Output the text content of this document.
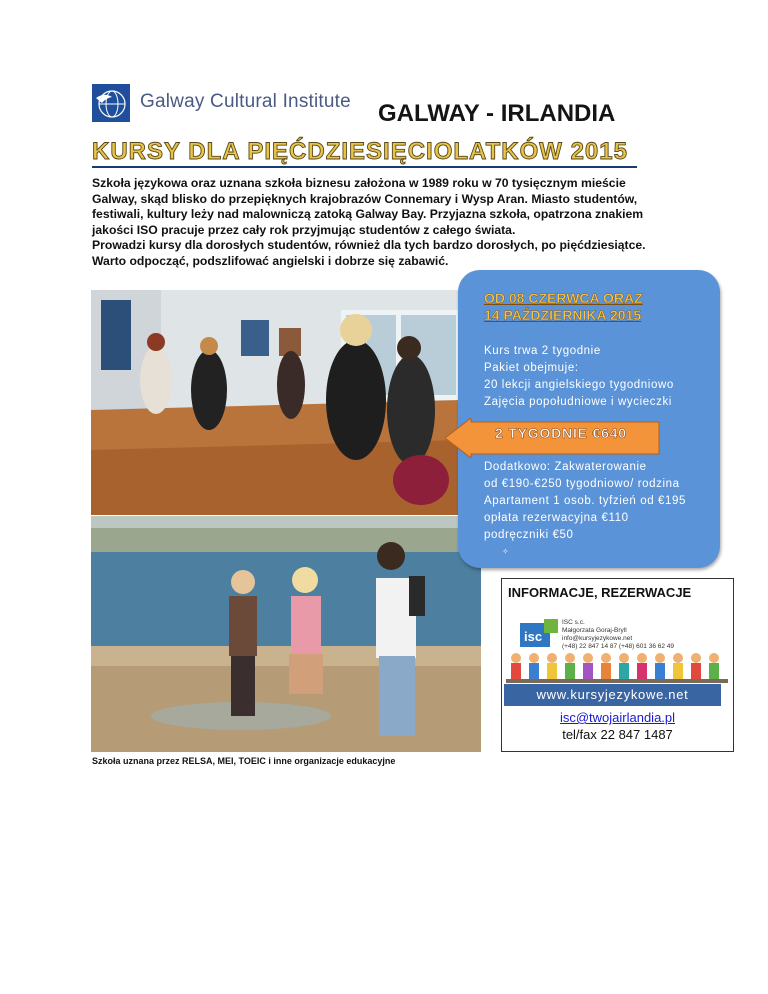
Galway Cultural Institute GALWAY - IRLANDIA
KURSY DLA PIĘĆDZIESIĘCIOLATKÓW 2015

Szkoła językowa oraz uznana szkoła biznesu założona w 1989 roku w 70 tysięcznym mieście

Galway, skąd blisko do przepięknych krajobrazów Connemary i Wysp Aran. Miasto studentów,

festiwali, kultury leży nad malowniczą zatoką Galway Bay. Przyjazna szkoła, opatrzona znakiem

jakości ISO pracuje przez cały rok przyjmując studentów z całego świata.

Prowadzi kursy dla dorosłych studentów, również dla tych bardzo dorosłych, po pięćdziesiątce.

Warto odpocząć, podszlifować angielski i dobrze się zabawić.

OD 08 CZERWCA ORAZ
14 PAŹDZIERNIKA 2015
Kurs trwa 2 tygodnie
Pakiet obejmuje:
20 lekcji angielskiego tygodniowo
Zajęcia popołudniowe i wycieczki
Dodatkowo: Zakwaterowanie
od €190-€250 tygodniowo/ rodzina
Apartament 1 osob. tyfzień od €195
opłata rezerwacyjna €110
podręczniki €50
✧
2 TYGODNIE €640
INFORMACJE, REZERWACJE
isc
ISC s.c.
Małgorzata Goraj-Bryll
info@kursyjezykowe.net
(+48) 22 847 14 87 (+48) 601 36 62 49
www.kursyjezykowe.net
isc@twojairlandia.pl
tel/fax 22 847 1487
Szkoła uznana przez RELSA, MEI, TOEIC i inne organizacje edukacyjne
